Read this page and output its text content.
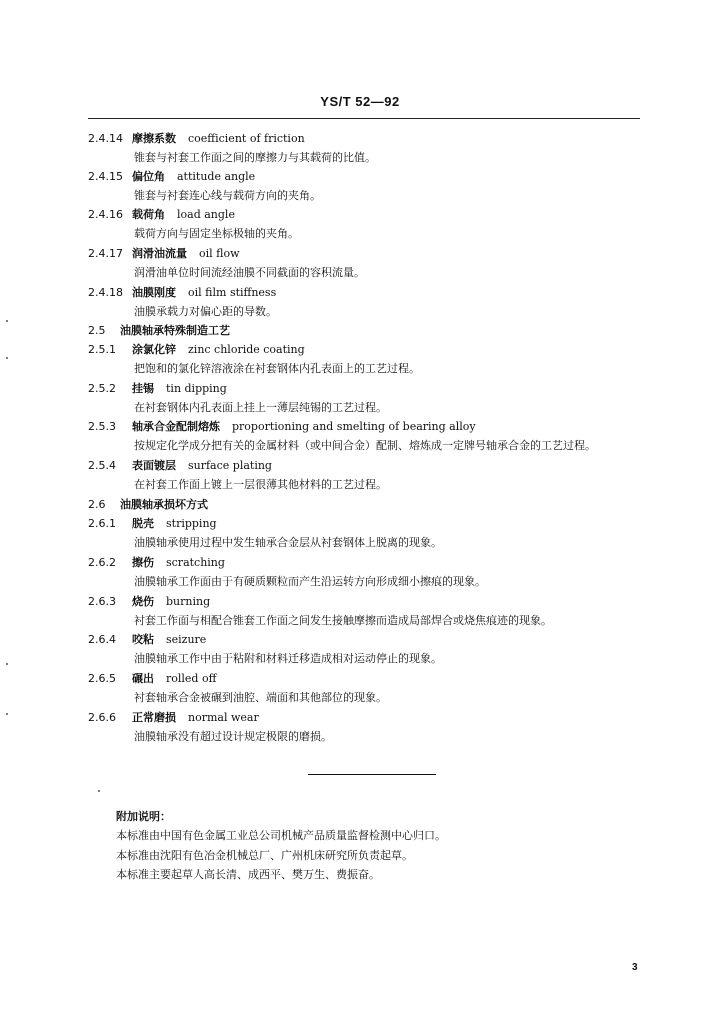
YS/T 52—92
2.4.14 摩擦系数 coefficient of friction
锥套与衬套工作面之间的摩擦力与其载荷的比值。
2.4.15 偏位角 attitude angle
锥套与衬套连心线与载荷方向的夹角。
2.4.16 载荷角 load angle
载荷方向与固定坐标极轴的夹角。
2.4.17 润滑油流量 oil flow
润滑油单位时间流经油膜不同截面的容积流量。
2.4.18 油膜刚度 oil film stiffness
油膜承载力对偏心距的导数。
2.5 油膜轴承特殊制造工艺
2.5.1 涂氯化锌 zinc chloride coating
把饱和的氯化锌溶液涂在衬套钢体内孔表面上的工艺过程。
2.5.2 挂锡 tin dipping
在衬套钢体内孔表面上挂上一薄层纯锡的工艺过程。
2.5.3 轴承合金配制熔炼 proportioning and smelting of bearing alloy
按规定化学成分把有关的金属材料（或中间合金）配制、熔炼成一定牌号轴承合金的工艺过程。
2.5.4 表面镀层 surface plating
在衬套工作面上镀上一层很薄其他材料的工艺过程。
2.6 油膜轴承损坏方式
2.6.1 脱壳 stripping
油膜轴承使用过程中发生轴承合金层从衬套钢体上脱离的现象。
2.6.2 擦伤 scratching
油膜轴承工作面由于有硬质颗粒而产生沿运转方向形成细小擦痕的现象。
2.6.3 烧伤 burning
衬套工作面与相配合锥套工作面之间发生接触摩擦而造成局部焊合或烧焦痕迹的现象。
2.6.4 咬粘 seizure
油膜轴承工作中由于粘附和材料迁移造成相对运动停止的现象。
2.6.5 碾出 rolled off
衬套轴承合金被碾到油腔、端面和其他部位的现象。
2.6.6 正常磨损 normal wear
油膜轴承没有超过设计规定极限的磨损。
附加说明：
本标准由中国有色金属工业总公司机械产品质量监督检测中心归口。
本标准由沈阳有色冶金机械总厂、广州机床研究所负责起草。
本标准主要起草人高长清、成西平、樊万生、费振奋。
3
